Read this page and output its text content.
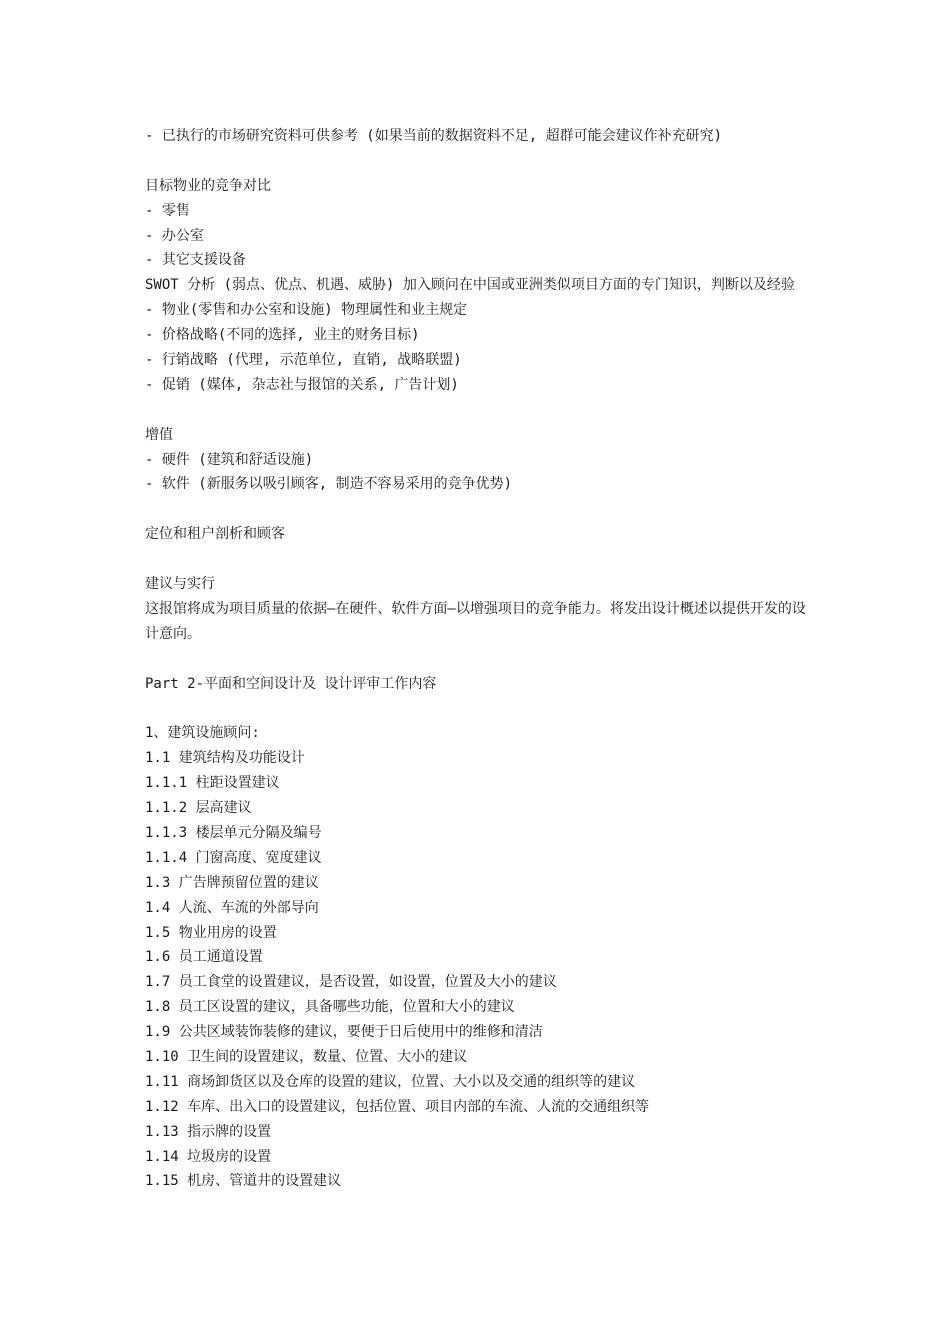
- 已执行的市场研究资料可供参考 (如果当前的数据资料不足, 超群可能会建议作补充研究)
目标物业的竞争对比
- 零售
- 办公室
- 其它支援设备
SWOT 分析 (弱点、优点、机遇、威胁) 加入顾问在中国或亚洲类似项目方面的专门知识，判断以及经验
- 物业(零售和办公室和设施) 物理属性和业主规定
- 价格战略(不同的选择, 业主的财务目标)
- 行销战略 (代理, 示范单位, 直销, 战略联盟)
- 促销 (媒体, 杂志社与报馆的关系, 广告计划)
增值
- 硬件 (建筑和舒适设施)
- 软件 (新服务以吸引顾客, 制造不容易采用的竞争优势)
定位和租户剖析和顾客
建议与实行
这报馆将成为项目质量的依据—在硬件、软件方面—以增强项目的竞争能力。将发出设计概述以提供开发的设计意向。
Part 2-平面和空间设计及 设计评审工作内容
1、建筑设施顾问:
1.1 建筑结构及功能设计
1.1.1 柱距设置建议
1.1.2 层高建议
1.1.3 楼层单元分隔及编号
1.1.4 门窗高度、宽度建议
1.3 广告牌预留位置的建议
1.4 人流、车流的外部导向
1.5 物业用房的设置
1.6 员工通道设置
1.7 员工食堂的设置建议，是否设置，如设置，位置及大小的建议
1.8 员工区设置的建议，具备哪些功能，位置和大小的建议
1.9 公共区域装饰装修的建议，要便于日后使用中的维修和清洁
1.10 卫生间的设置建议，数量、位置、大小的建议
1.11 商场卸货区以及仓库的设置的建议，位置、大小以及交通的组织等的建议
1.12 车库、出入口的设置建议，包括位置、项目内部的车流、人流的交通组织等
1.13 指示牌的设置
1.14 垃圾房的设置
1.15 机房、管道井的设置建议
